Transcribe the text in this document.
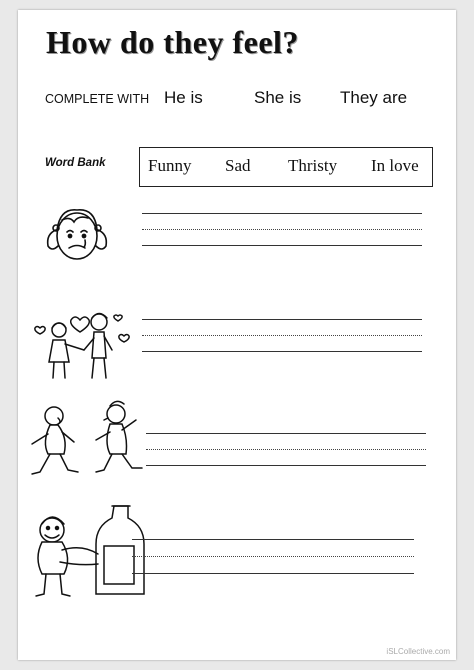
How do they feel?
COMPLETE WITH He is	She is They are
Word Bank	Funny Sad Thristy In love
iSLCollective.com
